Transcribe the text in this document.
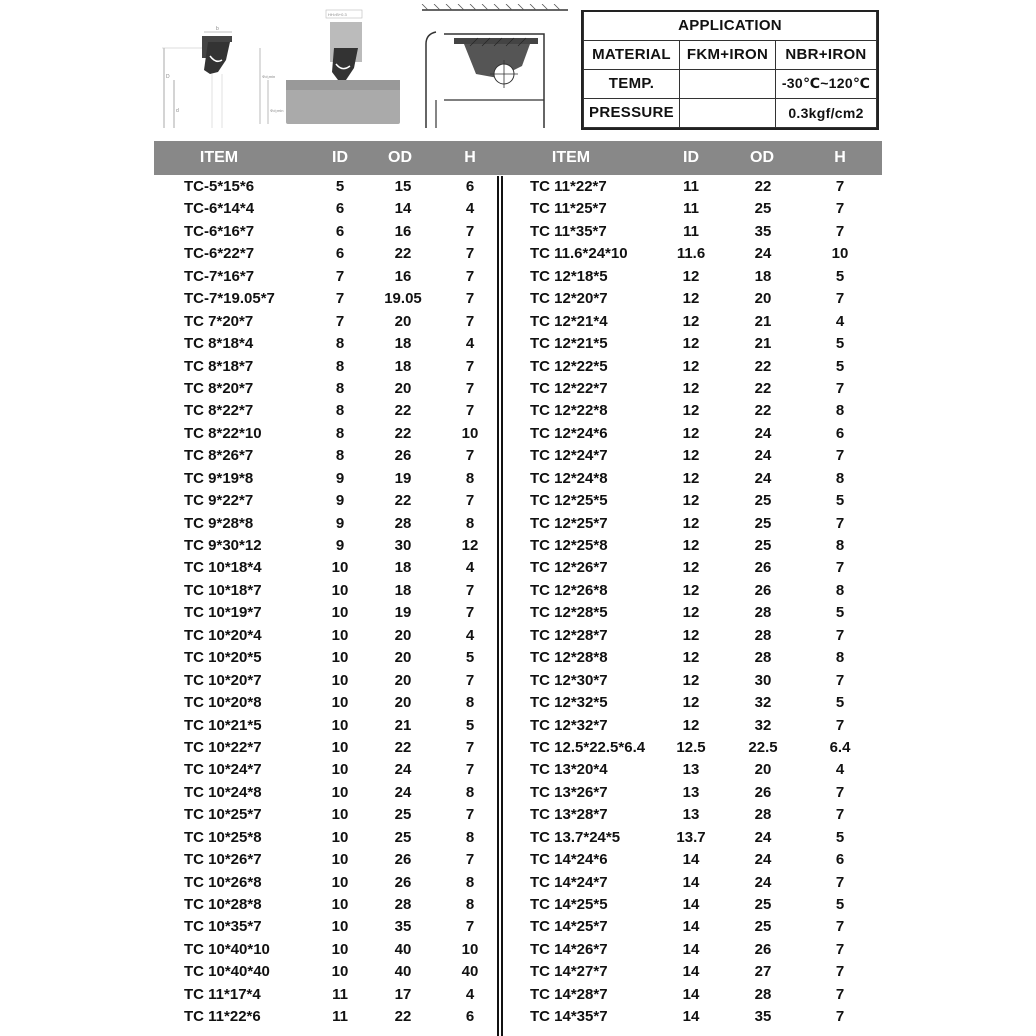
b
D
d
HH>B+0.3
Φd₁min
Φd₂min
APPLICATION		
MATERIAL	FKM+IRON	NBR+IRON
TEMP.		-30℃~120℃
PRESSURE		0.3kgf/cm2
ITEM	ID	OD	H	ITEM	ID	OD	H
TC-5*15*6	5	15	6
TC-6*14*4	6	14	4
TC-6*16*7	6	16	7
TC-6*22*7	6	22	7
TC-7*16*7	7	16	7
TC-7*19.05*7	7	19.05	7
TC 7*20*7	7	20	7
TC 8*18*4	8	18	4
TC 8*18*7	8	18	7
TC 8*20*7	8	20	7
TC 8*22*7	8	22	7
TC 8*22*10	8	22	10
TC 8*26*7	8	26	7
TC 9*19*8	9	19	8
TC 9*22*7	9	22	7
TC 9*28*8	9	28	8
TC 9*30*12	9	30	12
TC 10*18*4	10	18	4
TC 10*18*7	10	18	7
TC 10*19*7	10	19	7
TC 10*20*4	10	20	4
TC 10*20*5	10	20	5
TC 10*20*7	10	20	7
TC 10*20*8	10	20	8
TC 10*21*5	10	21	5
TC 10*22*7	10	22	7
TC 10*24*7	10	24	7
TC 10*24*8	10	24	8
TC 10*25*7	10	25	7
TC 10*25*8	10	25	8
TC 10*26*7	10	26	7
TC 10*26*8	10	26	8
TC 10*28*8	10	28	8
TC 10*35*7	10	35	7
TC 10*40*10	10	40	10
TC 10*40*40	10	40	40
TC 11*17*4	11	17	4
TC 11*22*6	11	22	6
TC 11*22*7	11	22	7
TC 11*25*7	11	25	7
TC 11*35*7	11	35	7
TC 11.6*24*10	11.6	24	10
TC 12*18*5	12	18	5
TC 12*20*7	12	20	7
TC 12*21*4	12	21	4
TC 12*21*5	12	21	5
TC 12*22*5	12	22	5
TC 12*22*7	12	22	7
TC 12*22*8	12	22	8
TC 12*24*6	12	24	6
TC 12*24*7	12	24	7
TC 12*24*8	12	24	8
TC 12*25*5	12	25	5
TC 12*25*7	12	25	7
TC 12*25*8	12	25	8
TC 12*26*7	12	26	7
TC 12*26*8	12	26	8
TC 12*28*5	12	28	5
TC 12*28*7	12	28	7
TC 12*28*8	12	28	8
TC 12*30*7	12	30	7
TC 12*32*5	12	32	5
TC 12*32*7	12	32	7
TC 12.5*22.5*6.4	12.5	22.5	6.4
TC 13*20*4	13	20	4
TC 13*26*7	13	26	7
TC 13*28*7	13	28	7
TC 13.7*24*5	13.7	24	5
TC 14*24*6	14	24	6
TC 14*24*7	14	24	7
TC 14*25*5	14	25	5
TC 14*25*7	14	25	7
TC 14*26*7	14	26	7
TC 14*27*7	14	27	7
TC 14*28*7	14	28	7
TC 14*35*7	14	35	7
